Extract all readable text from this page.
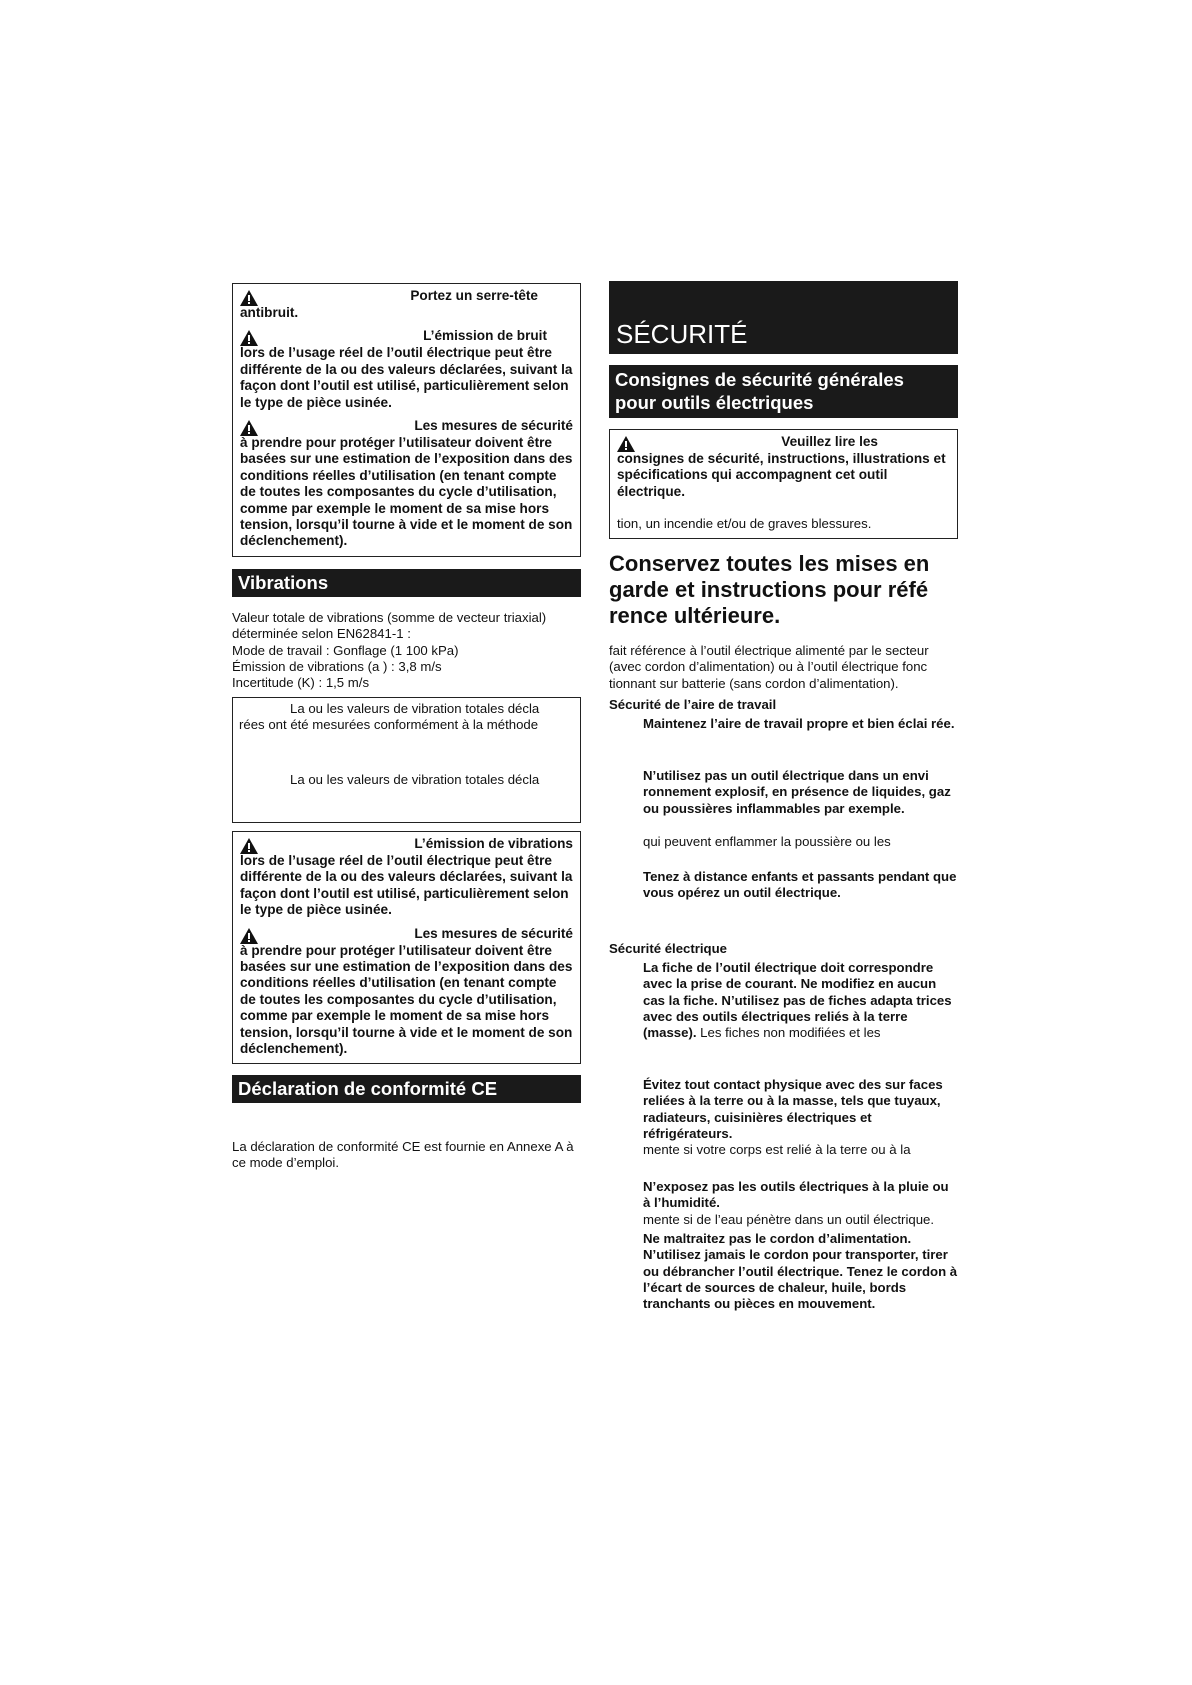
Portez un serre-tête

antibruit.

L’émission de bruit

lors de l’usage réel de l’outil électrique peut être différente de la ou des valeurs déclarées, suivant la façon dont l’outil est utilisé, particulièrement selon le type de pièce usinée.

Les mesures de sécurité

à prendre pour protéger l’utilisateur doivent être basées sur une estimation de l’exposition dans des conditions réelles d’utilisation (en tenant compte de toutes les composantes du cycle d’utilisation, comme par exemple le moment de sa mise hors tension, lorsqu’il tourne à vide et le moment de son déclenchement).

Vibrations

Valeur totale de vibrations (somme de vecteur triaxial)

déterminée selon EN62841-1 :

Mode de travail : Gonflage (1 100 kPa)

Émission de vibrations (a ) : 3,8 m/s

Incertitude (K) : 1,5 m/s

La ou les valeurs de vibration totales décla

rées ont été mesurées conformément à la méthode

La ou les valeurs de vibration totales décla

L’émission de vibrations

lors de l’usage réel de l’outil électrique peut être différente de la ou des valeurs déclarées, suivant la façon dont l’outil est utilisé, particulièrement selon le type de pièce usinée.

Les mesures de sécurité

à prendre pour protéger l’utilisateur doivent être basées sur une estimation de l’exposition dans des conditions réelles d’utilisation (en tenant compte de toutes les composantes du cycle d’utilisation, comme par exemple le moment de sa mise hors tension, lorsqu’il tourne à vide et le moment de son déclenchement).

Déclaration de conformité CE

La déclaration de conformité CE est fournie en Annexe A à ce mode d’emploi.

SÉCURITÉ
Consignes de sécurité générales
pour outils électriques
Veuillez lire les

consignes de sécurité, instructions, illustrations et spécifications qui accompagnent cet outil électrique.

tion, un incendie et/ou de graves blessures.

Conservez toutes les mises en garde et instructions pour réfé rence ultérieure.

fait référence à l’outil électrique alimenté par le secteur

(avec cordon d’alimentation) ou à l’outil électrique fonc

tionnant sur batterie (sans cordon d’alimentation).

Sécurité de l’aire de travail

Maintenez l’aire de travail propre et bien éclai rée.

N’utilisez pas un outil électrique dans un envi ronnement explosif, en présence de liquides, gaz ou poussières inflammables par exemple.

qui peuvent enflammer la poussière ou les

Tenez à distance enfants et passants pendant que vous opérez un outil électrique.

Sécurité électrique

La fiche de l’outil électrique doit correspondre avec la prise de courant. Ne modifiez en aucun cas la fiche. N’utilisez pas de fiches adapta trices avec des outils électriques reliés à la terre (masse). Les fiches non modifiées et les

Évitez tout contact physique avec des sur faces reliées à la terre ou à la masse, tels que tuyaux, radiateurs, cuisinières électriques et réfrigérateurs.

mente si votre corps est relié à la terre ou à la

N’exposez pas les outils électriques à la pluie ou à l’humidité.

mente si de l’eau pénètre dans un outil électrique.

Ne maltraitez pas le cordon d’alimentation. N’utilisez jamais le cordon pour transporter, tirer ou débrancher l’outil électrique. Tenez le cordon à l’écart de sources de chaleur, huile, bords tranchants ou pièces en mouvement.
